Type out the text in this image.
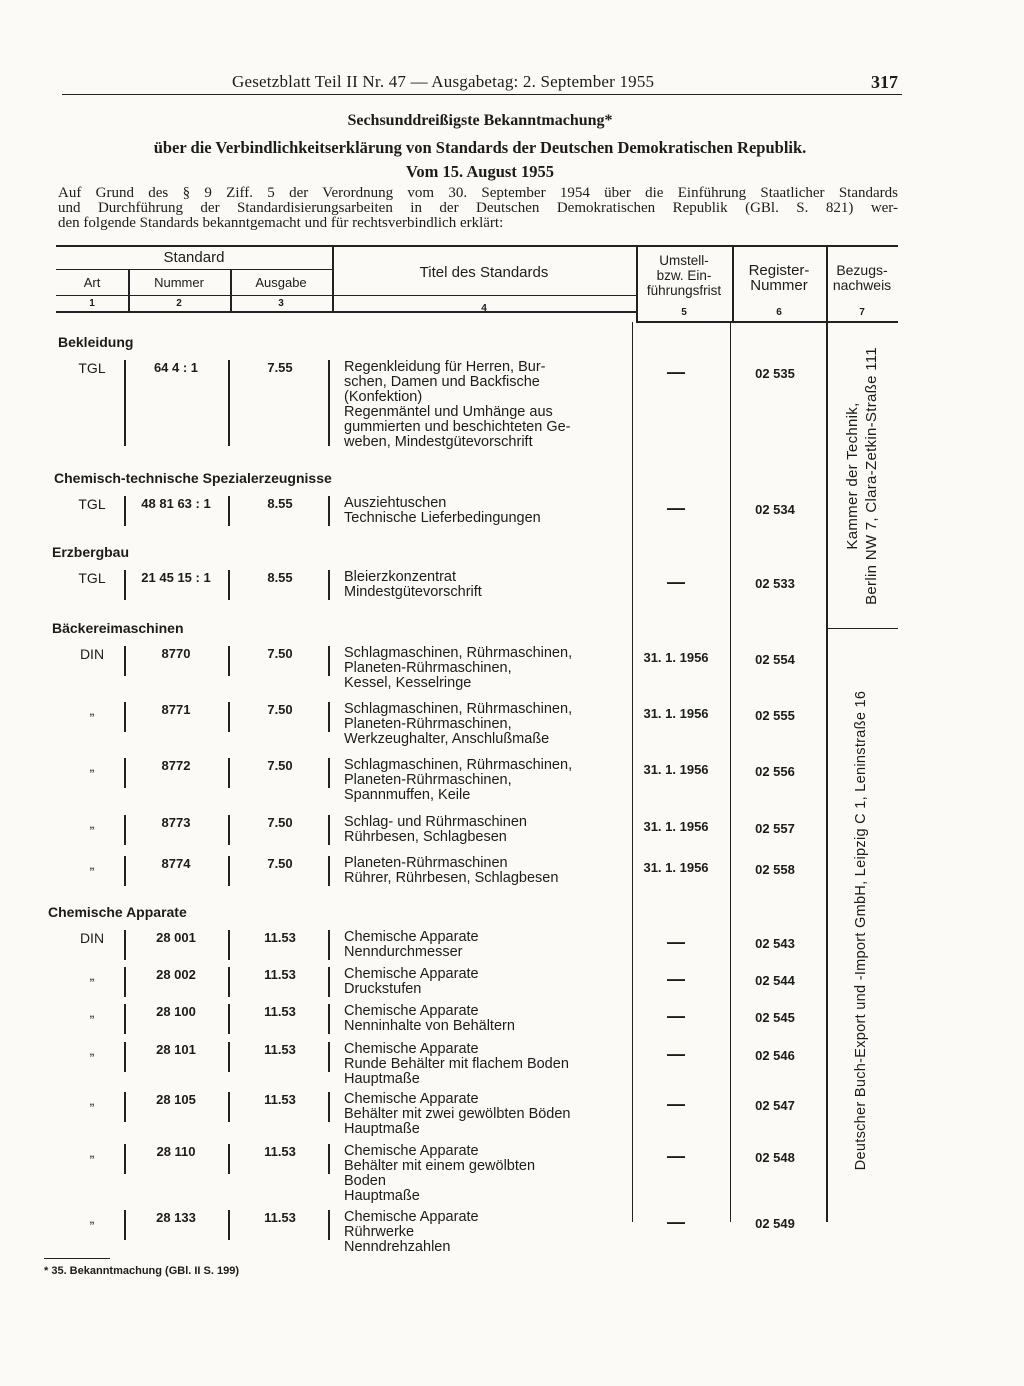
Gesetzblatt Teil II Nr. 47 — Ausgabetag: 2. September 1955	317
Sechsunddreißigste Bekanntmachung*
über die Verbindlichkeitserklärung von Standards der Deutschen Demokratischen Republik.
Vom 15. August 1955
Auf Grund des § 9 Ziff. 5 der Verordnung vom 30. September 1954 über die Einführung Staatlicher Standards
und Durchführung der Standardisierungsarbeiten in der Deutschen Demokratischen Republik (GBl. S. 821) wer-
den folgende Standards bekanntgemacht und für rechtsverbindlich erklärt:
Standard
Art	Nummer	Ausgabe
Titel des Standards
Umstell-
bzw. Ein-
führungsfrist
Register-
Nummer
Bezugs-
nachweis
1	2	3	4	5	6	7
Kammer der Technik, Berlin NW 7, Clara-Zetkin-Straße 111
Deutscher Buch-Export und -Import GmbH, Leipzig C 1, Leninstraße 16
Bekleidung
TGL	64 4 : 1	7.55	Regenkleidung für Herren, Bur-
schen, Damen und Backfische
(Konfektion)
Regenmäntel und Umhänge aus
gummierten und beschichteten Ge-
weben, Mindestgütevorschrift
—	02 535
Chemisch-technische Spezialerzeugnisse
TGL	48 81 63 : 1	8.55	Ausziehtuschen
Technische Lieferbedingungen	—	02 534
Erzbergbau
TGL	21 45 15 : 1	8.55	Bleierzkonzentrat
Mindestgütevorschrift	—	02 533
Bäckereimaschinen
DIN	8770	7.50	Schlagmaschinen, Rührmaschinen,
Planeten-Rührmaschinen,
Kessel, Kesselringe
31. 1. 1956	02 554
„	8771	7.50	Schlagmaschinen, Rührmaschinen,
Planeten-Rührmaschinen,
Werkzeughalter, Anschlußmaße
31. 1. 1956	02 555
„	8772	7.50	Schlagmaschinen, Rührmaschinen,
Planeten-Rührmaschinen,
Spannmuffen, Keile
31. 1. 1956	02 556
„	8773	7.50	Schlag- und Rührmaschinen
Rührbesen, Schlagbesen
31. 1. 1956	02 557
„	8774	7.50	Planeten-Rührmaschinen
Rührer, Rührbesen, Schlagbesen
31. 1. 1956	02 558
Chemische Apparate
DIN	28 001	11.53	Chemische Apparate
Nenndurchmesser	—	02 543
„	28 002	11.53	Chemische Apparate
Druckstufen	—	02 544
„	28 100	11.53	Chemische Apparate
Nenninhalte von Behältern	—	02 545
„	28 101	11.53	Chemische Apparate
Runde Behälter mit flachem Boden
Hauptmaße
—	02 546
„	28 105	11.53	Chemische Apparate
Behälter mit zwei gewölbten Böden
Hauptmaße
—	02 547
„	28 110	11.53	Chemische Apparate
Behälter mit einem gewölbten
Boden
Hauptmaße
—	02 548
„	28 133	11.53	Chemische Apparate
Rührwerke
Nenndrehzahlen
—	02 549
* 35. Bekanntmachung (GBl. II S. 199)
